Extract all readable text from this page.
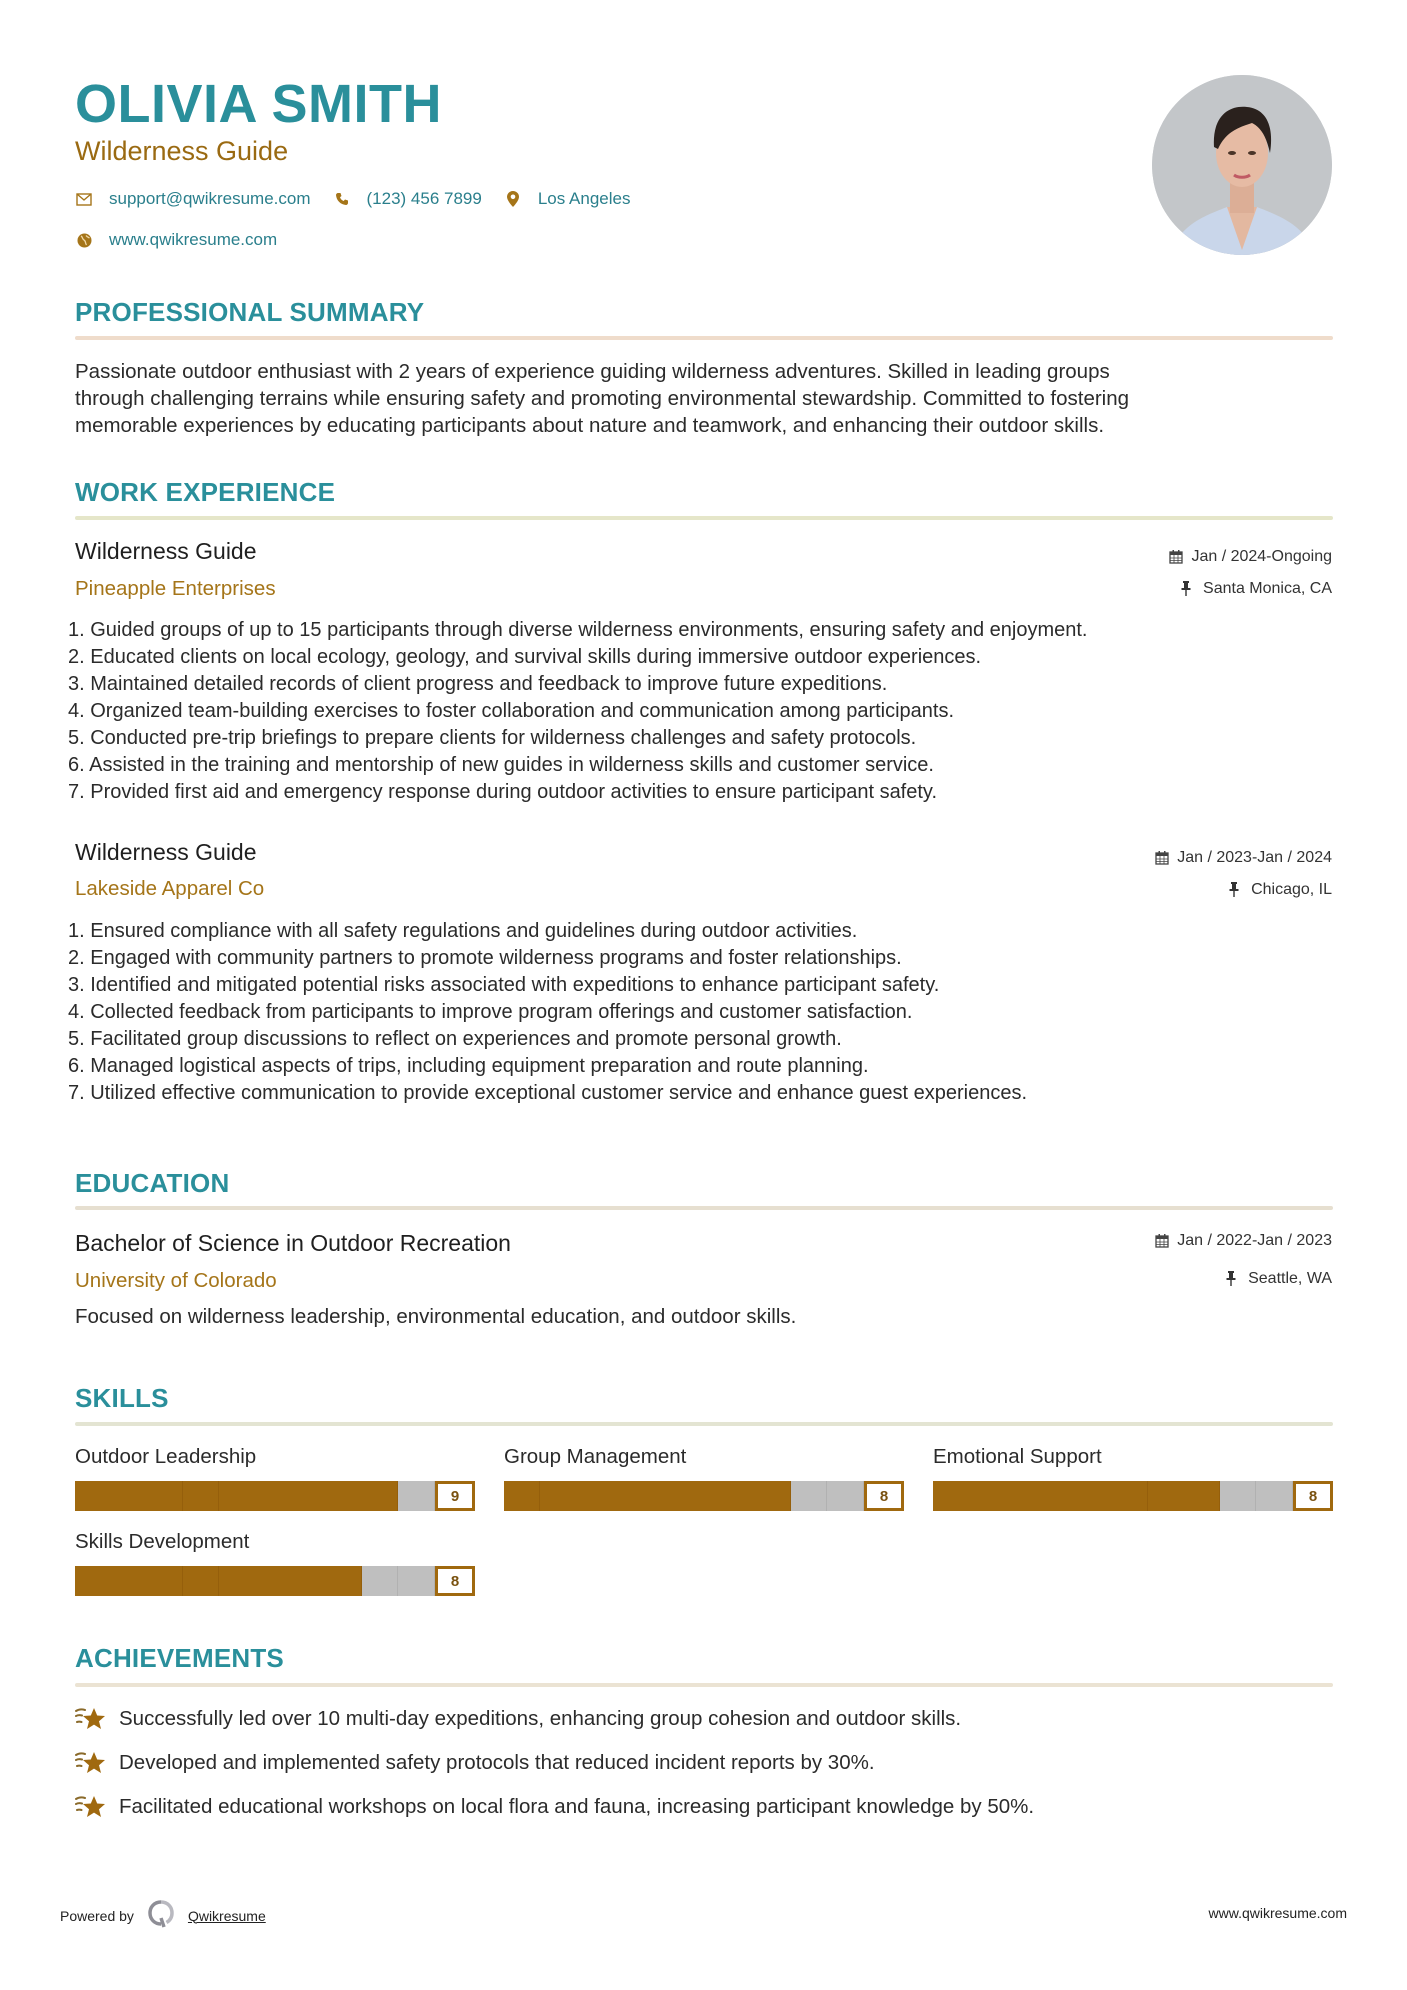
OLIVIA SMITH
Wilderness Guide
support@qwikresume.com	(123) 456 7899	Los Angeles
www.qwikresume.com
PROFESSIONAL SUMMARY
Passionate outdoor enthusiast with 2 years of experience guiding wilderness adventures. Skilled in leading groups
through challenging terrains while ensuring safety and promoting environmental stewardship. Committed to fostering
memorable experiences by educating participants about nature and teamwork, and enhancing their outdoor skills.
WORK EXPERIENCE
Wilderness Guide
Pineapple Enterprises
Jan / 2024-Ongoing
Santa Monica, CA
1. Guided groups of up to 15 participants through diverse wilderness environments, ensuring safety and enjoyment.
2. Educated clients on local ecology, geology, and survival skills during immersive outdoor experiences.
3. Maintained detailed records of client progress and feedback to improve future expeditions.
4. Organized team-building exercises to foster collaboration and communication among participants.
5. Conducted pre-trip briefings to prepare clients for wilderness challenges and safety protocols.
6. Assisted in the training and mentorship of new guides in wilderness skills and customer service.
7. Provided first aid and emergency response during outdoor activities to ensure participant safety.
Wilderness Guide
Lakeside Apparel Co
Jan / 2023-Jan / 2024
Chicago, IL
1. Ensured compliance with all safety regulations and guidelines during outdoor activities.
2. Engaged with community partners to promote wilderness programs and foster relationships.
3. Identified and mitigated potential risks associated with expeditions to enhance participant safety.
4. Collected feedback from participants to improve program offerings and customer satisfaction.
5. Facilitated group discussions to reflect on experiences and promote personal growth.
6. Managed logistical aspects of trips, including equipment preparation and route planning.
7. Utilized effective communication to provide exceptional customer service and enhance guest experiences.
EDUCATION
Bachelor of Science in Outdoor Recreation
University of Colorado
Jan / 2022-Jan / 2023
Seattle, WA
Focused on wilderness leadership, environmental education, and outdoor skills.
SKILLS
Outdoor Leadership
9
Group Management
8
Emotional Support
8
Skills Development
8
ACHIEVEMENTS
Successfully led over 10 multi-day expeditions, enhancing group cohesion and outdoor skills.
Developed and implemented safety protocols that reduced incident reports by 30%.
Facilitated educational workshops on local flora and fauna, increasing participant knowledge by 50%.
Powered by	Qwikresume	www.qwikresume.com
